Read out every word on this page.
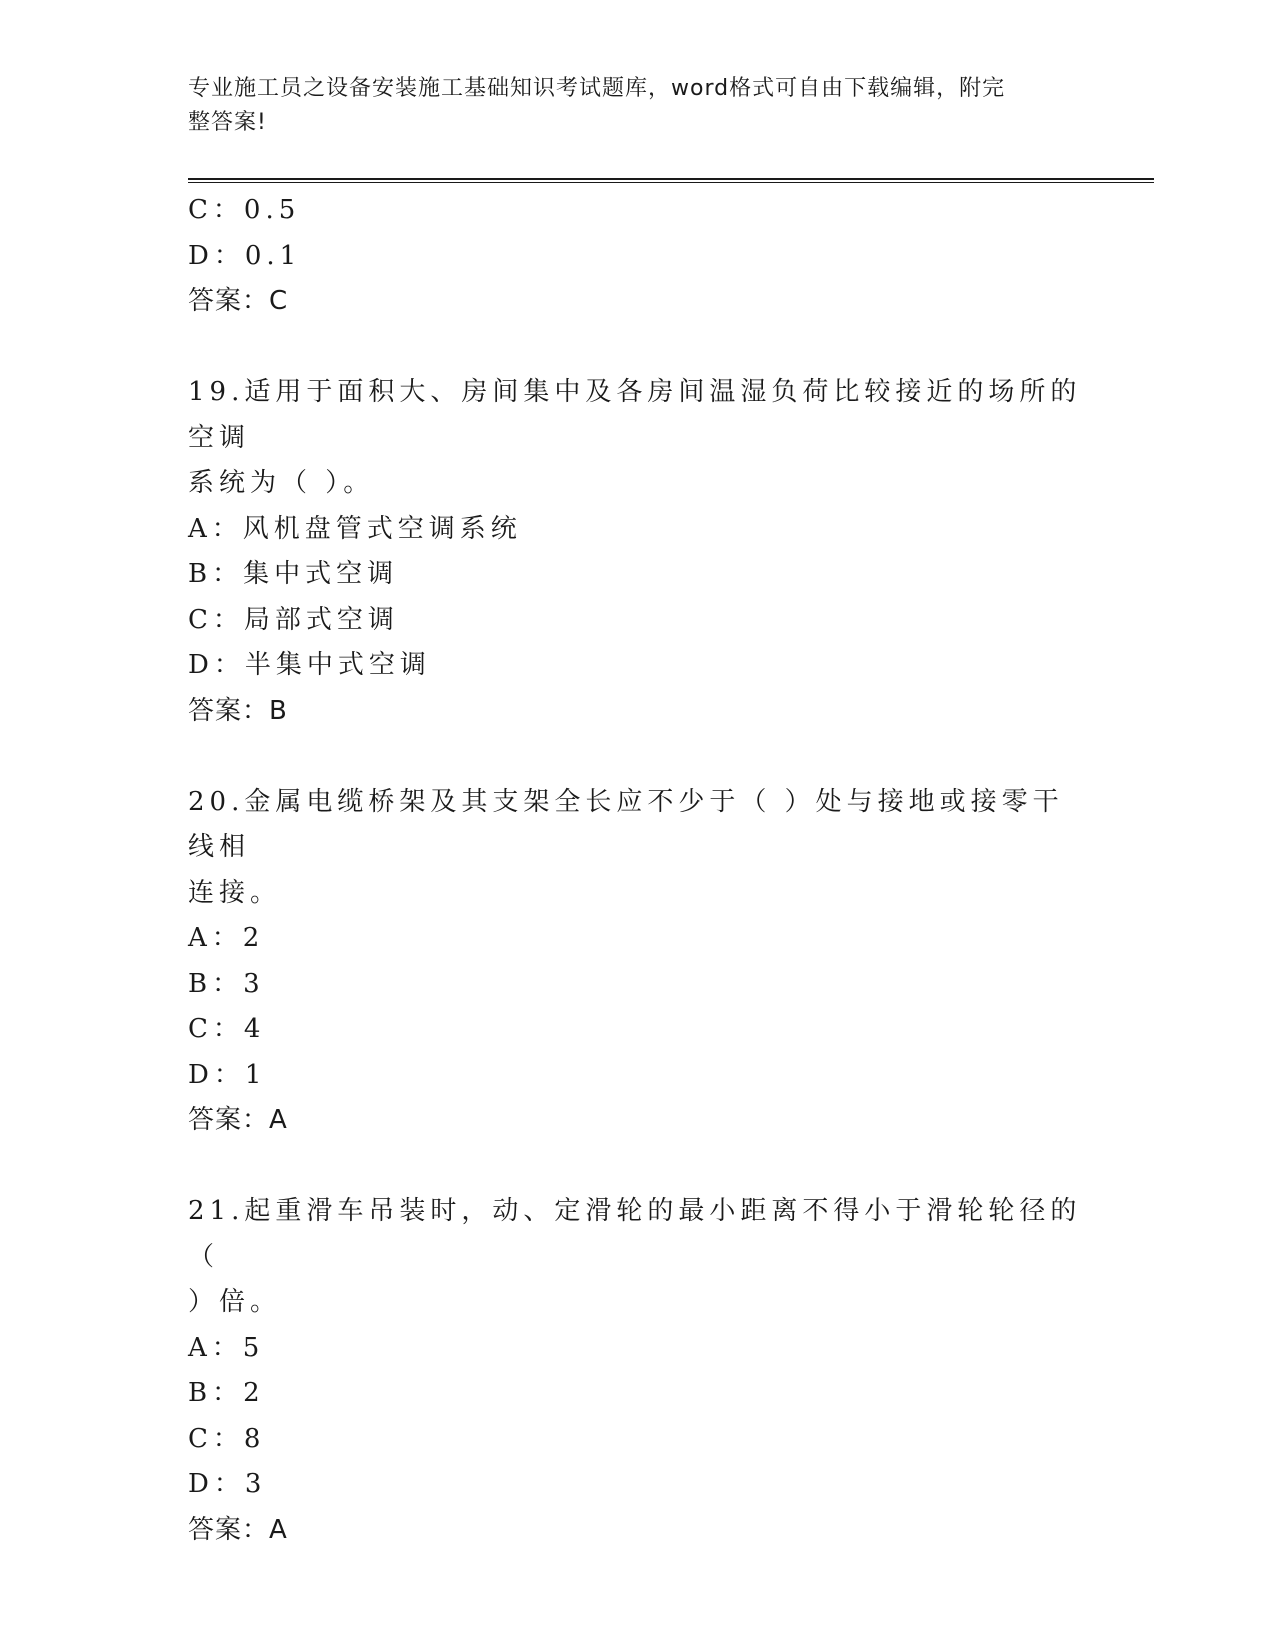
专业施工员之设备安装施工基础知识考试题库，word格式可自由下载编辑，附完
整答案!
C：0.5
D：0.1
答案：C
19.适用于面积大、房间集中及各房间温湿负荷比较接近的场所的空调
系统为（ ）。
A：风机盘管式空调系统
B：集中式空调
C：局部式空调
D：半集中式空调
答案：B
20.金属电缆桥架及其支架全长应不少于（ ）处与接地或接零干线相
连接。
A：2
B：3
C：4
D：1
答案：A
21.起重滑车吊装时，动、定滑轮的最小距离不得小于滑轮轮径的（
）倍。
A：5
B：2
C：8
D：3
答案：A
